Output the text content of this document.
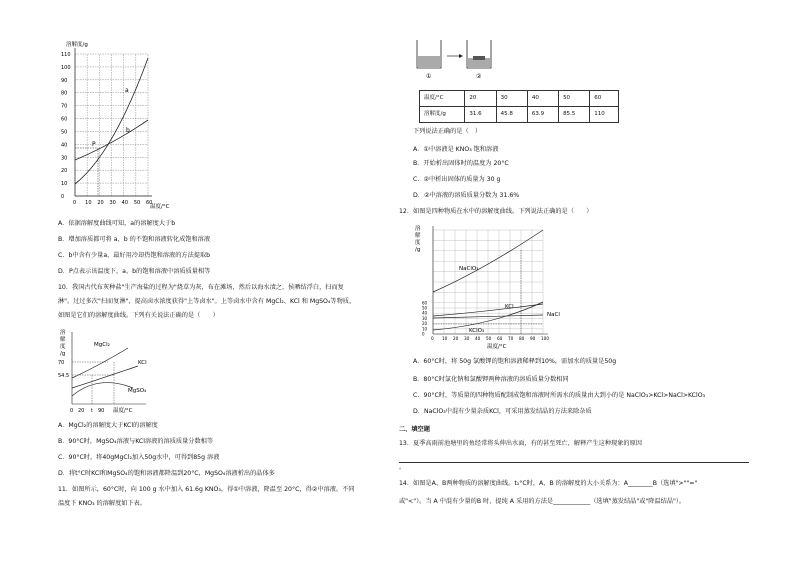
溶解度/g
0
10
20
30
40
50
60
70
80
90
100
110
0 10 20 30 40 50 60
a
b
P
温度/°C
A．依据溶解度曲线可知，a的溶解度大于b
B．增加溶质都可将 a、b 的不饱和溶液转化成饱和溶液
C．b中含有少量a，最好用冷却热饱和溶液的方法提取b
D．P点表示该温度下，a、b的饱和溶液中溶质质量相等
10．我国古代布灰种盐"生产海盐的过程为"烧草为灰，布在滩场，然后以海水渍之，侯晒结浮白，扫而复
淋"。过过多次"扫而复淋"，提高卤水浓度获得"上等卤水"。上等卤水中含有 MgCl₂、KCl 和 MgSO₄等物质，
如图是它们的溶解度曲线。下列有关说法正确的是（　　）
溶
解
度
/g
70
54.5
MgCl₂
KCl
MgSO₄
0 20 t 90 温度/°C
A．MgCl₂的溶解度大于KCl的溶解度
B．90°C时，MgSO₄溶液与KCl溶液的溶质质量分数相等
C．90°C时，将40gMgCl₂加入50g水中，可得到85g 溶液
D．将t°C时KCl和MgSO₄的饱和溶液都降温到20°C，MgSO₄溶液析出的晶体多
11．如图所示，60°C时，向 100 g 水中加入 61.6g KNO₃，得①中溶液，降温至 20°C，得②中溶液。不同
温度下 KNO₃ 的溶解度如下表。
①	②
温度/°C	20	30	40	50	60
溶解度/g	31.6	45.8	63.9	85.5	110
下列说法正确的是（　）
A．①中溶液是 KNO₃ 饱和溶液
B．开始析出固体时的温度为 20°C
C．②中析出固体的质量为 30 g
D．②中溶液的溶质质量分数为 31.6%
12．如图是四种物质在水中的溶解度曲线。下列说法正确的是（　　）
溶
解
度
/g
60
50
40
30
20
10
0
NaClO₃
KCl
NaCl
KClO₃
0 10 20 30 40 50 60 70 80 90 100
温度/°C
A．60°C时，将 50g 氯酸钾的饱和溶液稀释到10%，需加水的质量是50g
B．80°C时氯化钠和氯酸钾两种溶液的溶质质量分数相同
C．90°C时，等质量的四种物质配制成饱和溶液时所需水的质量由大到小的是 NaClO₃>KCl>NaCl>KClO₃
D．NaClO₃中混有少量杂质KCl，可采用蒸发结晶的方法来除杂质
二、填空题
13．夏季高雨前池塘里的鱼经常将头伸出水面，有的甚至死亡，解释产生这种现象的原因
。
14．如图是A、B两种物质的溶解度曲线。t₁°C时，A、B 的溶解度的大小关系为：A________B（选填">""="
或"<"）。当 A 中混有少量的B 时，提纯 A 采用的方法是____________（选填"蒸发结晶"或"降温结晶"）。
